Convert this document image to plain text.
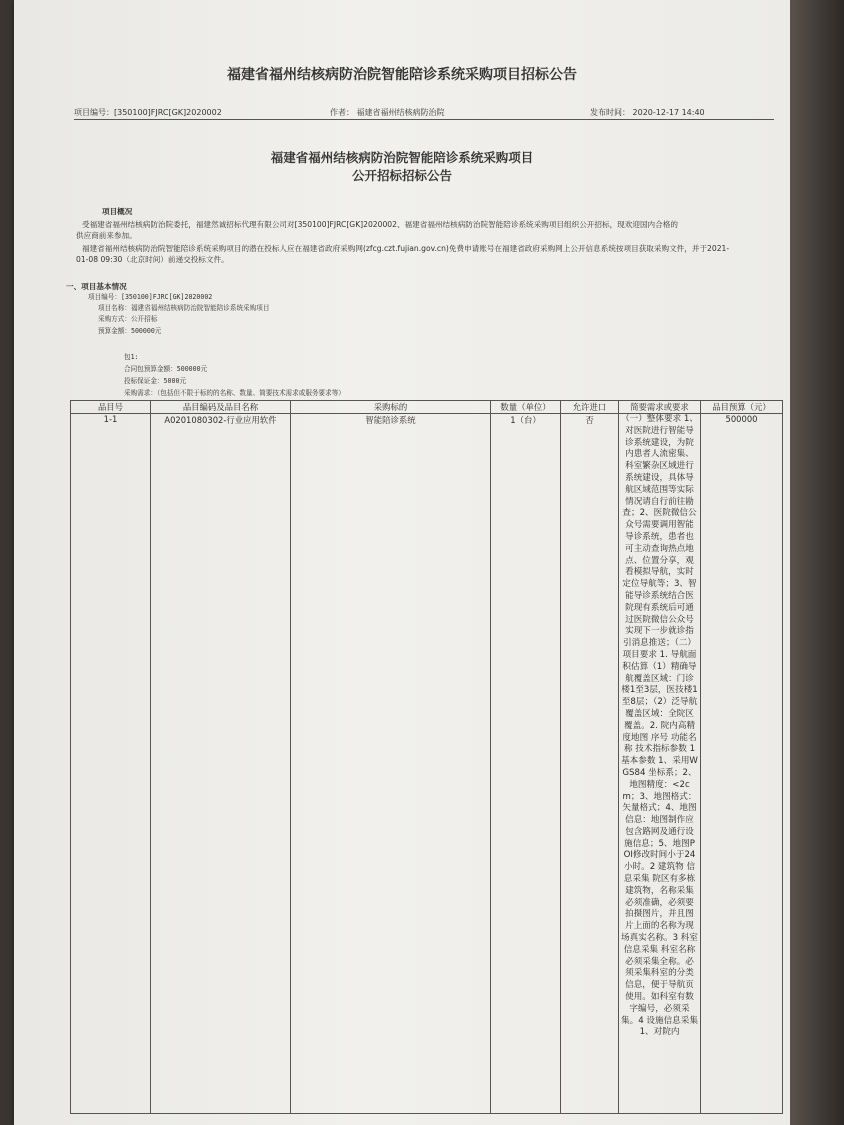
福建省福州结核病防治院智能陪诊系统采购项目招标公告
项目编号：[350100]FJRC[GK]2020002	作者： 福建省福州结核病防治院	发布时间： 2020-12-17 14:40
福建省福州结核病防治院智能陪诊系统采购项目
公开招标招标公告
项目概况
受福建省福州结核病防治院委托，福建然诚招标代理有限公司对[350100]FJRC[GK]2020002、福建省福州结核病防治院智能陪诊系统采购项目组织公开招标，现欢迎国内合格的
供应商前来参加。
福建省福州结核病防治院智能陪诊系统采购项目的潜在投标人应在福建省政府采购网(zfcg.czt.fujian.gov.cn)免费申请账号在福建省政府采购网上公开信息系统按项目获取采购文件，并于2021-
01-08 09:30（北京时间）前递交投标文件。
一、项目基本情况
项目编号：[350100]FJRC[GK]2020002
项目名称：福建省福州结核病防治院智能陪诊系统采购项目
采购方式：公开招标
预算金额：500000元
包1:
合同包预算金额：500000元
投标保证金：5000元
采购需求：（包括但不限于标的的名称、数量、简要技术需求或服务要求等）
品目号	品目编码及品目名称	采购标的	数量（单位）	允许进口	简要需求或要求	品目预算（元）
1-1	A0201080302-行业应用软件	智能陪诊系统	1（台）	否	（一）整体要求 1、对医院进行智能导诊系统建设，为院内患者人流密集、科室繁杂区域进行系统建设，具体导航区域范围等实际情况请自行前往勘查；2、医院微信公众号需要调用智能导诊系统，患者也可主动查询热点地点、位置分享，观看模拟导航，实时定位导航等；3、智能导诊系统结合医院现有系统后可通过医院微信公众号实现下一步就诊指引消息推送；（二）项目要求 1. 导航面积估算（1）精确导航覆盖区域：门诊楼1至3层，医技楼1至8层；（2）泛导航覆盖区域：全院区覆盖。2. 院内高精度地图 序号 功能名称 技术指标参数 1 基本参数 1、采用WGS84 坐标系；2、地图精度：<2cm；3、地图格式：矢量格式；4、地图信息：地图制作应包含路网及通行设施信息；5、地图POI修改时间小于24小时。2 建筑物 信息采集 院区有多栋建筑物，名称采集必须准确，必须要拍摄图片，并且图片上面的名称为现场真实名称。3 科室信息采集 科室名称必须采集全称。必须采集科室的分类信息，便于导航页使用。如科室有数字编号，必须采集。4 设施信息采集 1、对院内	500000
